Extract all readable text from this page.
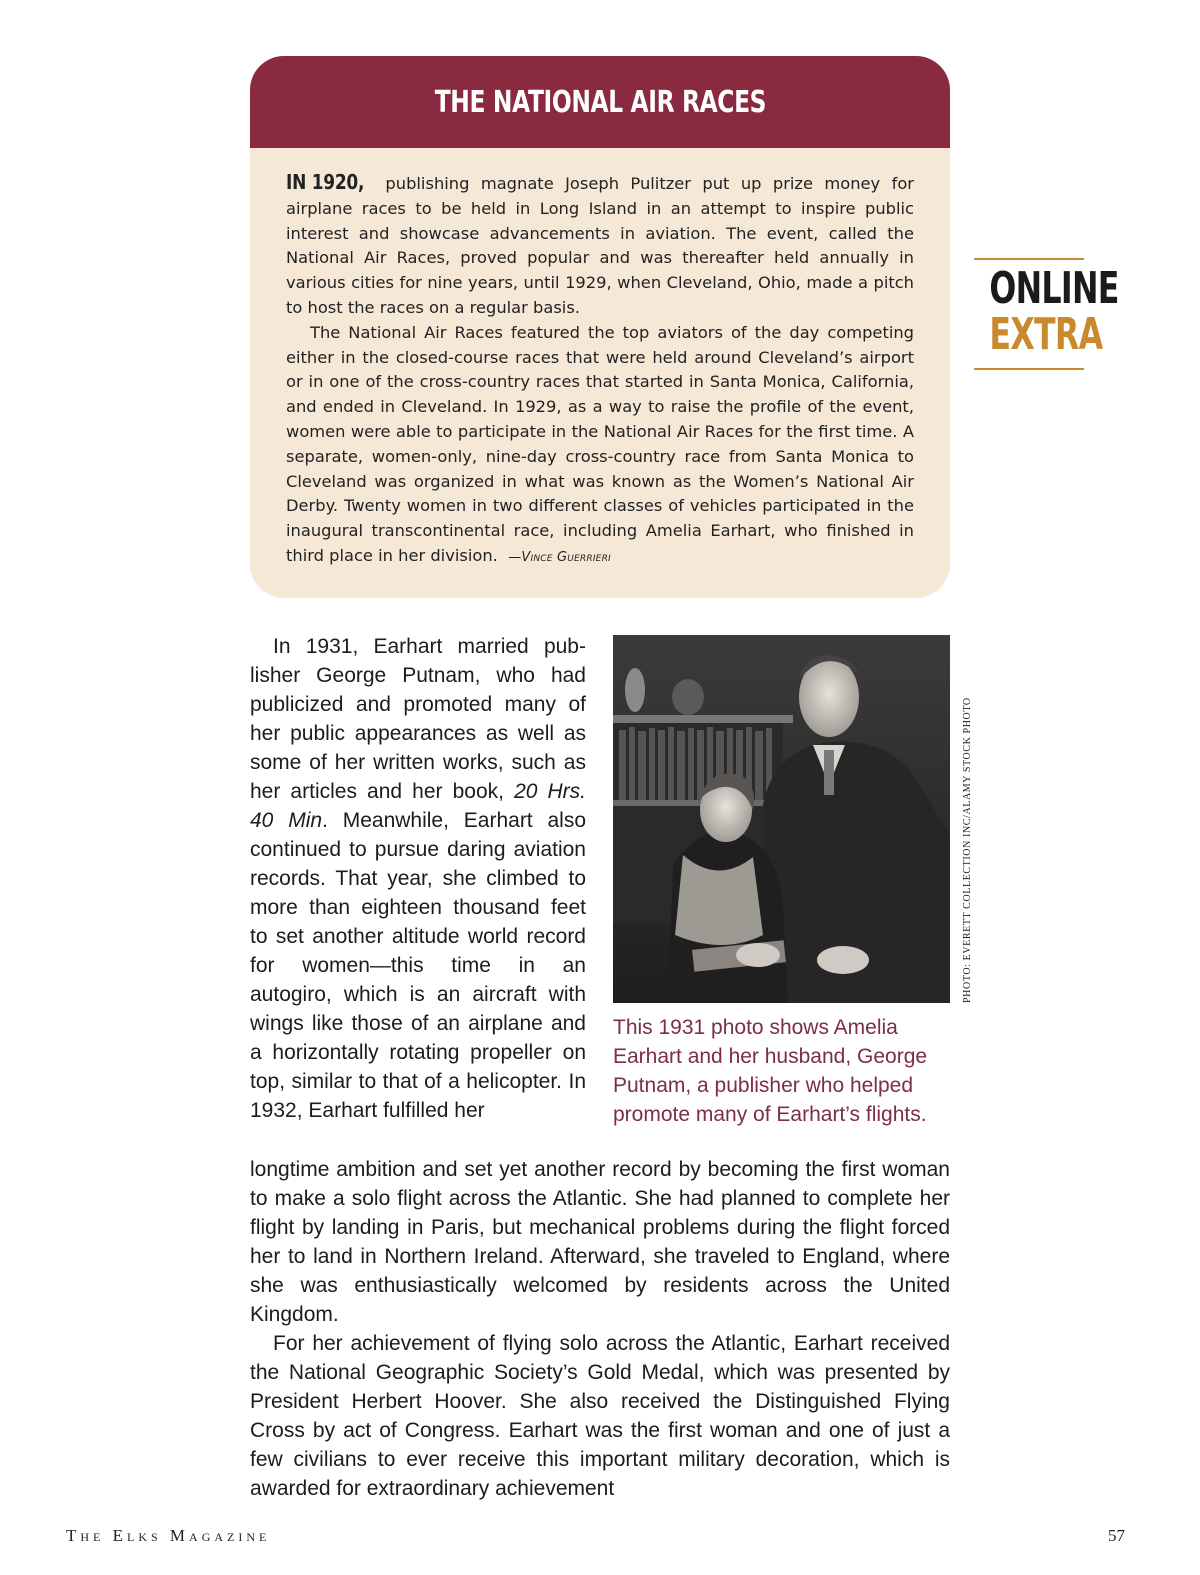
THE NATIONAL AIR RACES

IN 1920, publishing magnate Joseph Pulitzer put up prize money for airplane races to be held in Long Island in an attempt to inspire public interest and showcase advancements in aviation. The event, called the National Air Races, proved popular and was thereafter held annually in various cities for nine years, until 1929, when Cleveland, Ohio, made a pitch to host the races on a regular basis.

The National Air Races featured the top aviators of the day competing either in the closed-course races that were held around Cleveland’s airport or in one of the cross-country races that started in Santa Monica, California, and ended in Cleveland. In 1929, as a way to raise the profile of the event, women were able to participate in the National Air Races for the first time. A separate, women-only, nine-day cross-country race from Santa Monica to Cleveland was organized in what was known as the Women’s National Air Derby. Twenty women in two different classes of vehicles participated in the inaugural transcontinental race, including Amelia Earhart, who finished in third place in her division. —Vince Guerrieri

ONLINE
EXTRA

In 1931, Earhart married publisher George Putnam, who had publicized and promoted many of her public appearances as well as some of her written works, such as her articles and her book, 20 Hrs. 40 Min. Meanwhile, Earhart also continued to pursue daring aviation records. That year, she climbed to more than eighteen thousand feet to set another altitude world record for women—this time in an autogiro, which is an aircraft with wings like those of an airplane and a horizontally rotating propeller on top, similar to that of a helicopter. In 1932, Earhart fulfilled her

PHOTO: EVERETT COLLECTION INC/ALAMY STOCK PHOTO
This 1931 photo shows Amelia Earhart and her husband, George Putnam, a publisher who helped promote many of Earhart’s flights.

longtime ambition and set yet another record by becoming the first woman to make a solo flight across the Atlantic. She had planned to complete her flight by landing in Paris, but mechanical problems during the flight forced her to land in Northern Ireland. Afterward, she traveled to England, where she was enthusiastically welcomed by residents across the United Kingdom.

For her achievement of flying solo across the Atlantic, Earhart received the National Geographic Society’s Gold Medal, which was presented by President Herbert Hoover. She also received the Distinguished Flying Cross by act of Congress. Earhart was the first woman and one of just a few civilians to ever receive this important military decoration, which is awarded for extraordinary achievement

The Elks Magazine	57
